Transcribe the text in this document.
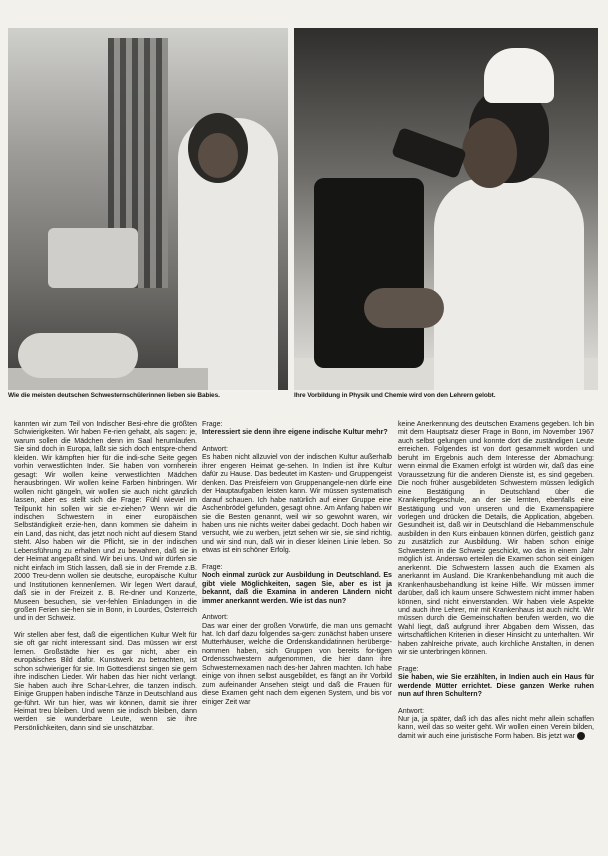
Wie die meisten deutschen Schwesternschülerinnen lieben sie Babies.	Ihre Vorbildung in Physik und Chemie wird von den Lehrern gelobt.

kannten wir zum Teil von Indischer Besi-ehre die größten Schwierigkeiten. Wir haben Fe-rien gehabt, als sagen: je, warum sollen die Mädchen denn im Saal herumlaufen. Sie sind doch in Europa, laßt sie sich doch entspre-chend kleiden. Wir kämpften hier für die indi-sche Seite gegen vorhin verwestlichten Inder. Sie haben von vornherein gesagt: Wir wollen keine verwestlichten Mädchen herausbringen. Wir wollen keine Farben hinbringen. Wir wollen nicht gängeln, wir wollen sie auch nicht gänzlich lassen, aber es stellt sich die Frage: Fühl wieviel im Teilpunkt hin sollen wir sie er-ziehen? Wenn wir die indischen Schwestern in einer europäischen Selbständigkeit erzie-hen, dann kommen sie daheim in ein Land, das nicht, das jetzt noch nicht auf diesem Stand steht. Also haben wir die Pflicht, sie in der indischen Lebensführung zu erhalten und zu bewahren, daß sie in der Heimat angepaßt sind. Wir bei uns. Und wir dürfen sie nicht einfach im Stich lassen, daß sie in der Fremde z.B. 2000 Treu-denn wollen sie deutsche, europäische Kultur und Institutionen kennenlernen. Wir legen Wert darauf, daß sie in der Freizeit z. B. Re-dner und Konzerte, Museen besuchen, sie ver-fehlen Einladungen in die großen Ferien sie-hen sie in Bonn, in Lourdes, Österreich und in der Schweiz.

Wir stellen aber fest, daß die eigentlichen Kultur Welt für sie oft gar nicht interessant sind. Das müssen wir erst lernen. Großstädte hier es gar nicht, aber ein europäisches Bild dafür. Kunstwerk zu betrachten, ist schon schwieriger für sie. Im Gottesdienst singen sie gern ihre indischen Lieder. Wir haben das hier nicht verlangt. Sie haben auch ihre Schar-Lehrer, die tanzen indisch. Einige Gruppen haben indische Tänze in Deutschland aus ge-führt. Wir tun hier, was wir können, damit sie ihrer Heimat treu bleiben. Und wenn sie indisch bleiben, dann werden sie wunderbare Leute, wenn sie ihre Persönlichkeiten, dann sind sie unschätzbar.

Frage:

Interessiert sie denn ihre eigene indische Kultur mehr?

Antwort:

Es haben nicht allzuviel von der indischen Kultur außerhalb ihrer engeren Heimat ge-sehen. In Indien ist ihre Kultur dafür zu Hause. Das bedeutet im Kasten- und Gruppengeist denken. Das Preisfeiern von Gruppenangele-nen dürfe eine der Hauptaufgaben leisten kann. Wir müssen systematisch darauf schauen. Ich habe natürlich auf einer Gruppe eine Aschenbrödel gefunden, gesagt ohne. Am Anfang haben wir sie die Besten genannt, weil wir so gewohnt waren, wir haben uns nie nichts weiter dabei gedacht. Doch haben wir versucht, wie zu werben, jetzt sehen wir sie, sie sind richtig, und wir sind nun, daß wir in dieser kleinen Linie leben. So etwas ist ein schöner Erfolg.

Frage:

Noch einmal zurück zur Ausbildung in Deutschland. Es gibt viele Möglichkeiten, sagen Sie, aber es ist ja bekannt, daß die Examina in anderen Ländern nicht immer anerkannt werden. Wie ist das nun?

Antwort:

Das war einer der großen Vorwürfe, die man uns gemacht hat. Ich darf dazu folgendes sa-gen: zunächst haben unsere Mutterhäuser, welche die Ordenskandidatinnen herüberge-nommen haben, sich Gruppen von bereits for-tigen Ordensschwestern aufgenommen, die hier dann ihre Schwesternexamen nach des-her Jahren machten. Ich habe einige von ihnen selbst ausgebildet, es fängt an ihr Vorbild zum aufeinander Ansehen steigt und daß die Frauen für diese Examen geht nach dem eigenen System, und bis vor einiger Zeit war

keine Anerkennung des deutschen Examens gegeben. Ich bin mit dem Hauptsatz dieser Frage in Bonn, im November 1967 auch selbst gelungen und konnte dort die zuständigen Leute erreichen. Folgendes ist von dort gesammelt worden und beruht im Ergebnis auch dem Interesse der Abmachung: wenn einmal die Examen erfolgt ist würden wir, daß das eine Voraussetzung für die anderen Dienste ist, es sind gegeben. Die noch früher ausgebildeten Schwestern müssen lediglich eine Bestätigung in Deutschland über die Krankenpflegeschule, an der sie lernten, ebenfalls eine Bestätigung und von unseren und die Examenspapiere vorlegen und drücken die Details, die Application, abgeben. Gesundheit ist, daß wir in Deutschland die Hebammenschule ausbilden in den Kurs einbauen können dürfen, geistlich ganz zu zusätzlich zur Ausbildung. Wir haben schon einige Schwestern in die Schweiz geschickt, wo das in einem Jahr möglich ist. Anderswo erteilen die Examen schon seit einigen anerkennt. Die Schwestern lassen auch die Examen als anerkannt im Ausland. Die Krankenbehandlung mit auch die Krankenhausbehandlung ist keine Hilfe. Wir müssen immer darüber, daß ich kaum unsere Schwestern nicht immer haben können, sind nicht einverstanden. Wir haben viele Aspekte und auch ihre Lehrer, mir mit Krankenhaus ist auch nicht. Wir müssen durch die Gemeinschaften berufen werden, wo die Wahl liegt, daß aufgrund ihrer Abgaben dem Wissen, das wirtschaftlichen Kriterien in dieser Hinsicht zu unterhalten. Wir haben zahlreiche private, auch kirchliche Anstalten, in denen wir sie unterbringen können.

Frage:

Sie haben, wie Sie erzählten, in Indien auch ein Haus für werdende Mütter errichtet. Diese ganzen Werke ruhen nun auf Ihren Schultern?

Antwort:

Nur ja, ja später, daß ich das alles nicht mehr allein schaffen kann, weil das so weiter geht. Wir wollen einen Verein bilden, damit wir auch eine juristische Form haben. Bis jetzt war
